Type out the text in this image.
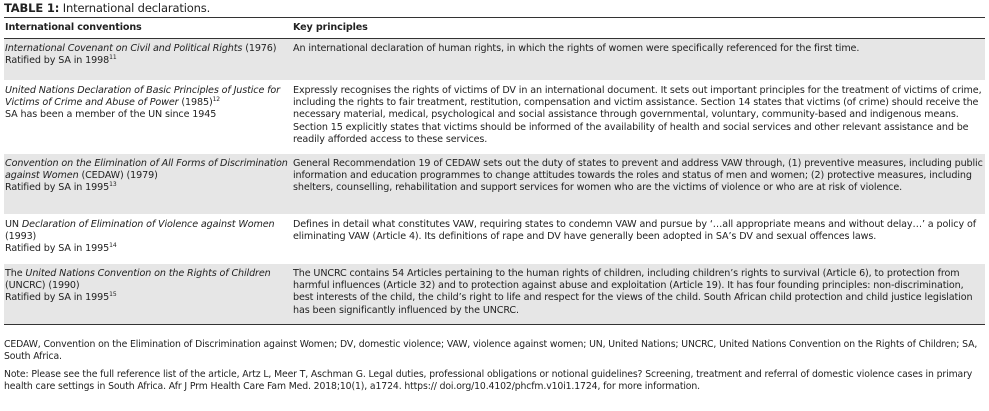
TABLE 1: International declarations.
International conventions	Key principles
International Covenant on Civil and Political Rights (1976)
Ratified by SA in 1998$^{11}$	An international declaration of human rights, in which the rights of women were specifically referenced for the first time.
United Nations Declaration of Basic Principles of Justice for Victims of Crime and Abuse of Power $(1985)^{12}$
SA has been a member of the UN since 1945	Expressly recognises the rights of victims of DV in an international document. It sets out important principles for the treatment of victims of crime, including the rights to fair treatment, restitution, compensation and victim assistance. Section 14 states that victims (of crime) should receive the necessary material, medical, psychological and social assistance through governmental, voluntary, community-based and indigenous means. Section 15 explicitly states that victims should be informed of the availability of health and social services and other relevant assistance and be readily afforded access to these services.
Convention on the Elimination of All Forms of Discrimination against Women (CEDAW) (1979)
Ratified by SA in 1995$^{13}$	General Recommendation 19 of CEDAW sets out the duty of states to prevent and address VAW through, (1) preventive measures, including public information and education programmes to change attitudes towards the roles and status of men and women; (2) protective measures, including shelters, counselling, rehabilitation and support services for women who are the victims of violence or who are at risk of violence.
UN Declaration of Elimination of Violence against Women (1993)
Ratified by SA in 1995$^{14}$	Defines in detail what constitutes VAW, requiring states to condemn VAW and pursue by ‘…all appropriate means and without delay…’ a policy of eliminating VAW (Article 4). Its definitions of rape and DV have generally been adopted in SA’s DV and sexual offences laws.
The United Nations Convention on the Rights of Children (UNCRC) (1990)
Ratified by SA in 1995$^{15}$	The UNCRC contains 54 Articles pertaining to the human rights of children, including children’s rights to survival (Article 6), to protection from harmful influences (Article 32) and to protection against abuse and exploitation (Article 19). It has four founding principles: non-discrimination, best interests of the child, the child’s right to life and respect for the views of the child. South African child protection and child justice legislation has been significantly influenced by the UNCRC.
CEDAW, Convention on the Elimination of Discrimination against Women; DV, domestic violence; VAW, violence against women; UN, United Nations; UNCRC, United Nations Convention on the Rights of Children; SA, South Africa.
Note: Please see the full reference list of the article, Artz L, Meer T, Aschman G. Legal duties, professional obligations or notional guidelines? Screening, treatment and referral of domestic violence cases in primary health care settings in South Africa. Afr J Prm Health Care Fam Med. 2018;10(1), a1724. https:// doi.org/10.4102/phcfm.v10i1.1724, for more information.
